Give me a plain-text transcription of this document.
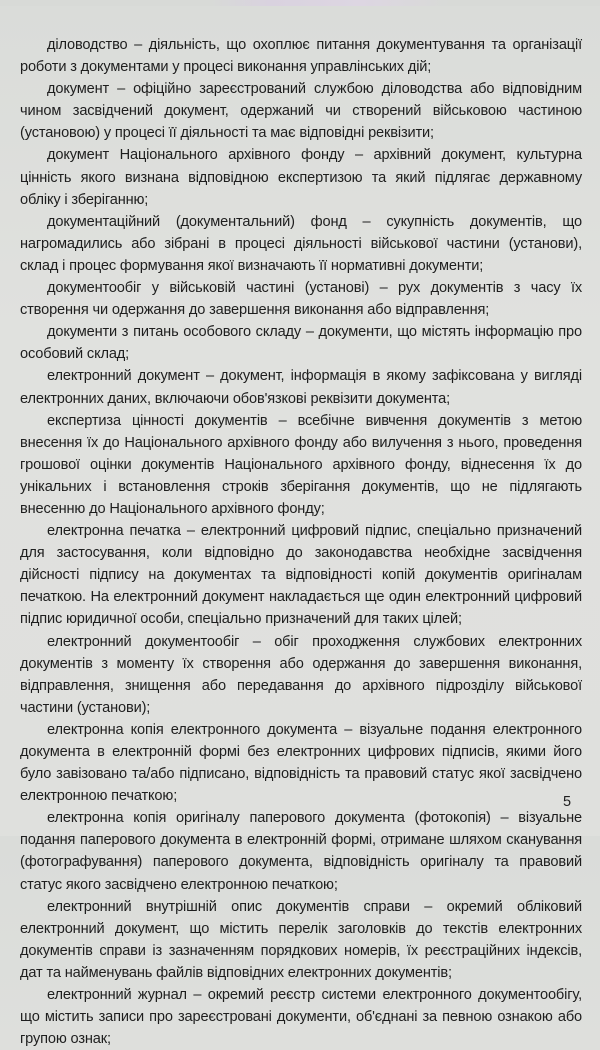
діловодство – діяльність, що охоплює питання документування та організації роботи з документами у процесі виконання управлінських дій;

документ – офіційно зареєстрований службою діловодства або відповідним чином засвідчений документ, одержаний чи створений військовою частиною (установою) у процесі її діяльності та має відповідні реквізити;

документ Національного архівного фонду – архівний документ, культурна цінність якого визнана відповідною експертизою та який підлягає державному обліку і зберіганню;

документаційний (документальний) фонд – сукупність документів, що нагромадились або зібрані в процесі діяльності військової частини (установи), склад і процес формування якої визначають її нормативні документи;

документообіг у військовій частині (установі) – рух документів з часу їх створення чи одержання до завершення виконання або відправлення;

документи з питань особового складу – документи, що містять інформацію про особовий склад;

електронний документ – документ, інформація в якому зафіксована у вигляді електронних даних, включаючи обов'язкові реквізити документа;

експертиза цінності документів – всебічне вивчення документів з метою внесення їх до Національного архівного фонду або вилучення з нього, проведення грошової оцінки документів Національного архівного фонду, віднесення їх до унікальних і встановлення строків зберігання документів, що не підлягають внесенню до Національного архівного фонду;

електронна печатка – електронний цифровий підпис, спеціально призначений для застосування, коли відповідно до законодавства необхідне засвідчення дійсності підпису на документах та відповідності копій документів оригіналам печаткою. На електронний документ накладається ще один електронний цифровий підпис юридичної особи, спеціально призначений для таких цілей;

електронний документообіг – обіг проходження службових електронних документів з моменту їх створення або одержання до завершення виконання, відправлення, знищення або передавання до архівного підрозділу військової частини (установи);

електронна копія електронного документа – візуальне подання електронного документа в електронній формі без електронних цифрових підписів, якими його було завізовано та/або підписано, відповідність та правовий статус якої засвідчено електронною печаткою;

електронна копія оригіналу паперового документа (фотокопія) – візуальне подання паперового документа в електронній формі, отримане шляхом сканування (фотографування) паперового документа, відповідність оригіналу та правовий статус якого засвідчено електронною печаткою;

електронний внутрішній опис документів справи – окремий обліковий електронний документ, що містить перелік заголовків до текстів електронних документів справи із зазначенням порядкових номерів, їх реєстраційних індексів, дат та найменувань файлів відповідних електронних документів;

електронний журнал – окремий реєстр системи електронного документообігу, що містить записи про зареєстровані документи, об'єднані за певною ознакою або групою ознак;

5
